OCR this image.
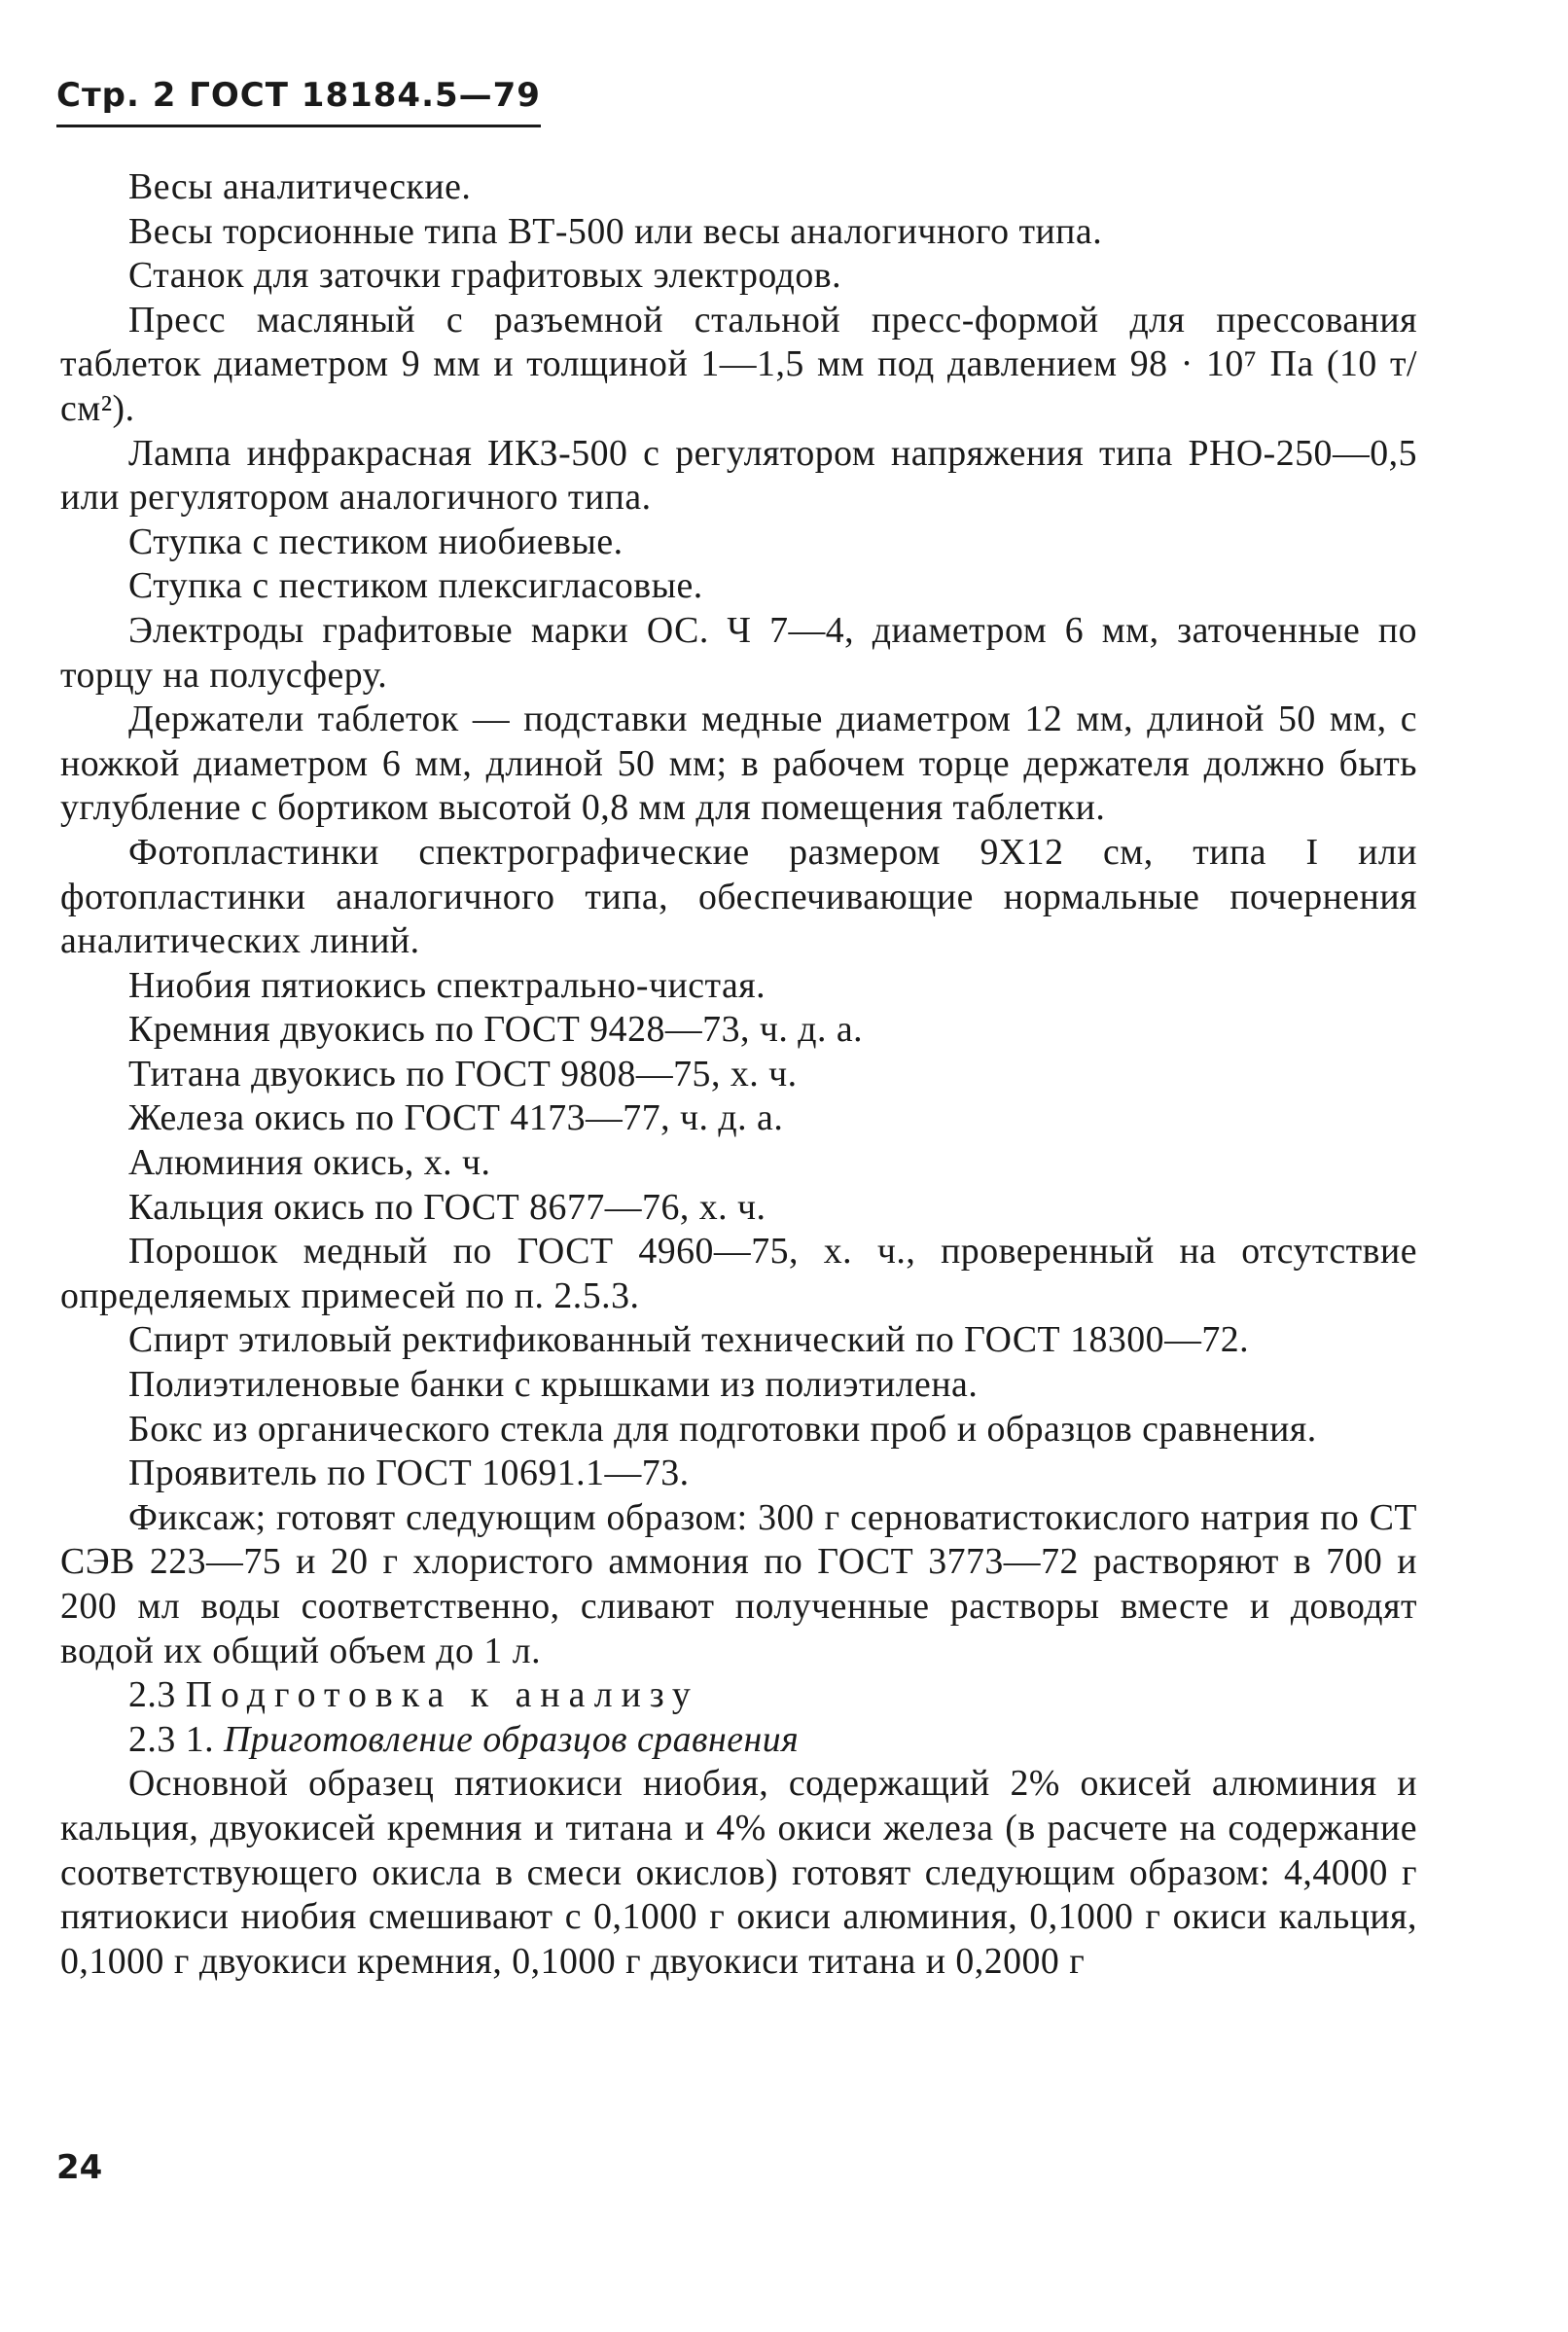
Стр. 2 ГОСТ 18184.5—79

Весы аналитические.

Весы торсионные типа ВТ-500 или весы аналогичного типа.

Станок для заточки графитовых электродов.

Пресс масляный с разъемной стальной пресс-формой для прессования таблеток диаметром 9 мм и толщиной 1—1,5 мм под давлением 98 · 10⁷ Па (10 т/см²).

Лампа инфракрасная ИКЗ-500 с регулятором напряжения типа РНО-250—0,5 или регулятором аналогичного типа.

Ступка с пестиком ниобиевые.

Ступка с пестиком плексигласовые.

Электроды графитовые марки ОС. Ч 7—4, диаметром 6 мм, заточенные по торцу на полусферу.

Держатели таблеток — подставки медные диаметром 12 мм, длиной 50 мм, с ножкой диаметром 6 мм, длиной 50 мм; в рабочем торце держателя должно быть углубление с бортиком высотой 0,8 мм для помещения таблетки.

Фотопластинки спектрографические размером 9Х12 см, типа I или фотопластинки аналогичного типа, обеспечивающие нормальные почернения аналитических линий.

Ниобия пятиокись спектрально-чистая.

Кремния двуокись по ГОСТ 9428—73, ч. д. а.

Титана двуокись по ГОСТ 9808—75, х. ч.

Железа окись по ГОСТ 4173—77, ч. д. а.

Алюминия окись, х. ч.

Кальция окись по ГОСТ 8677—76, х. ч.

Порошок медный по ГОСТ 4960—75, х. ч., проверенный на отсутствие определяемых примесей по п. 2.5.3.

Спирт этиловый ректификованный технический по ГОСТ 18300—72.

Полиэтиленовые банки с крышками из полиэтилена.

Бокс из органического стекла для подготовки проб и образцов сравнения.

Проявитель по ГОСТ 10691.1—73.

Фиксаж; готовят следующим образом: 300 г серноватистокислого натрия по СТ СЭВ 223—75 и 20 г хлористого аммония по ГОСТ 3773—72 растворяют в 700 и 200 мл воды соответственно, сливают полученные растворы вместе и доводят водой их общий объем до 1 л.

2.3 Подготовка к анализу

2.3 1. Приготовление образцов сравнения

Основной образец пятиокиси ниобия, содержащий 2% окисей алюминия и кальция, двуокисей кремния и титана и 4% окиси железа (в расчете на содержание соответствующего окисла в смеси окислов) готовят следующим образом: 4,4000 г пятиокиси ниобия смешивают с 0,1000 г окиси алюминия, 0,1000 г окиси кальция, 0,1000 г двуокиси кремния, 0,1000 г двуокиси титана и 0,2000 г

24
